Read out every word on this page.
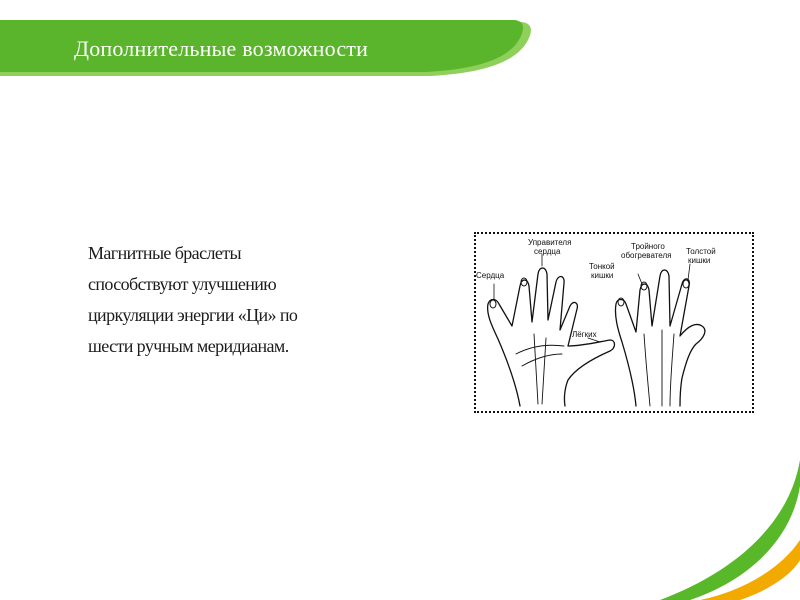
Дополнительные возможности
Магнитные браслеты
способствуют улучшению
циркуляции энергии «Ци» по
шести ручным меридианам.
Управителя
сердца
Сердца
Лёгких
Тонкой
кишки
Тройного
обогревателя Толстой
кишки
